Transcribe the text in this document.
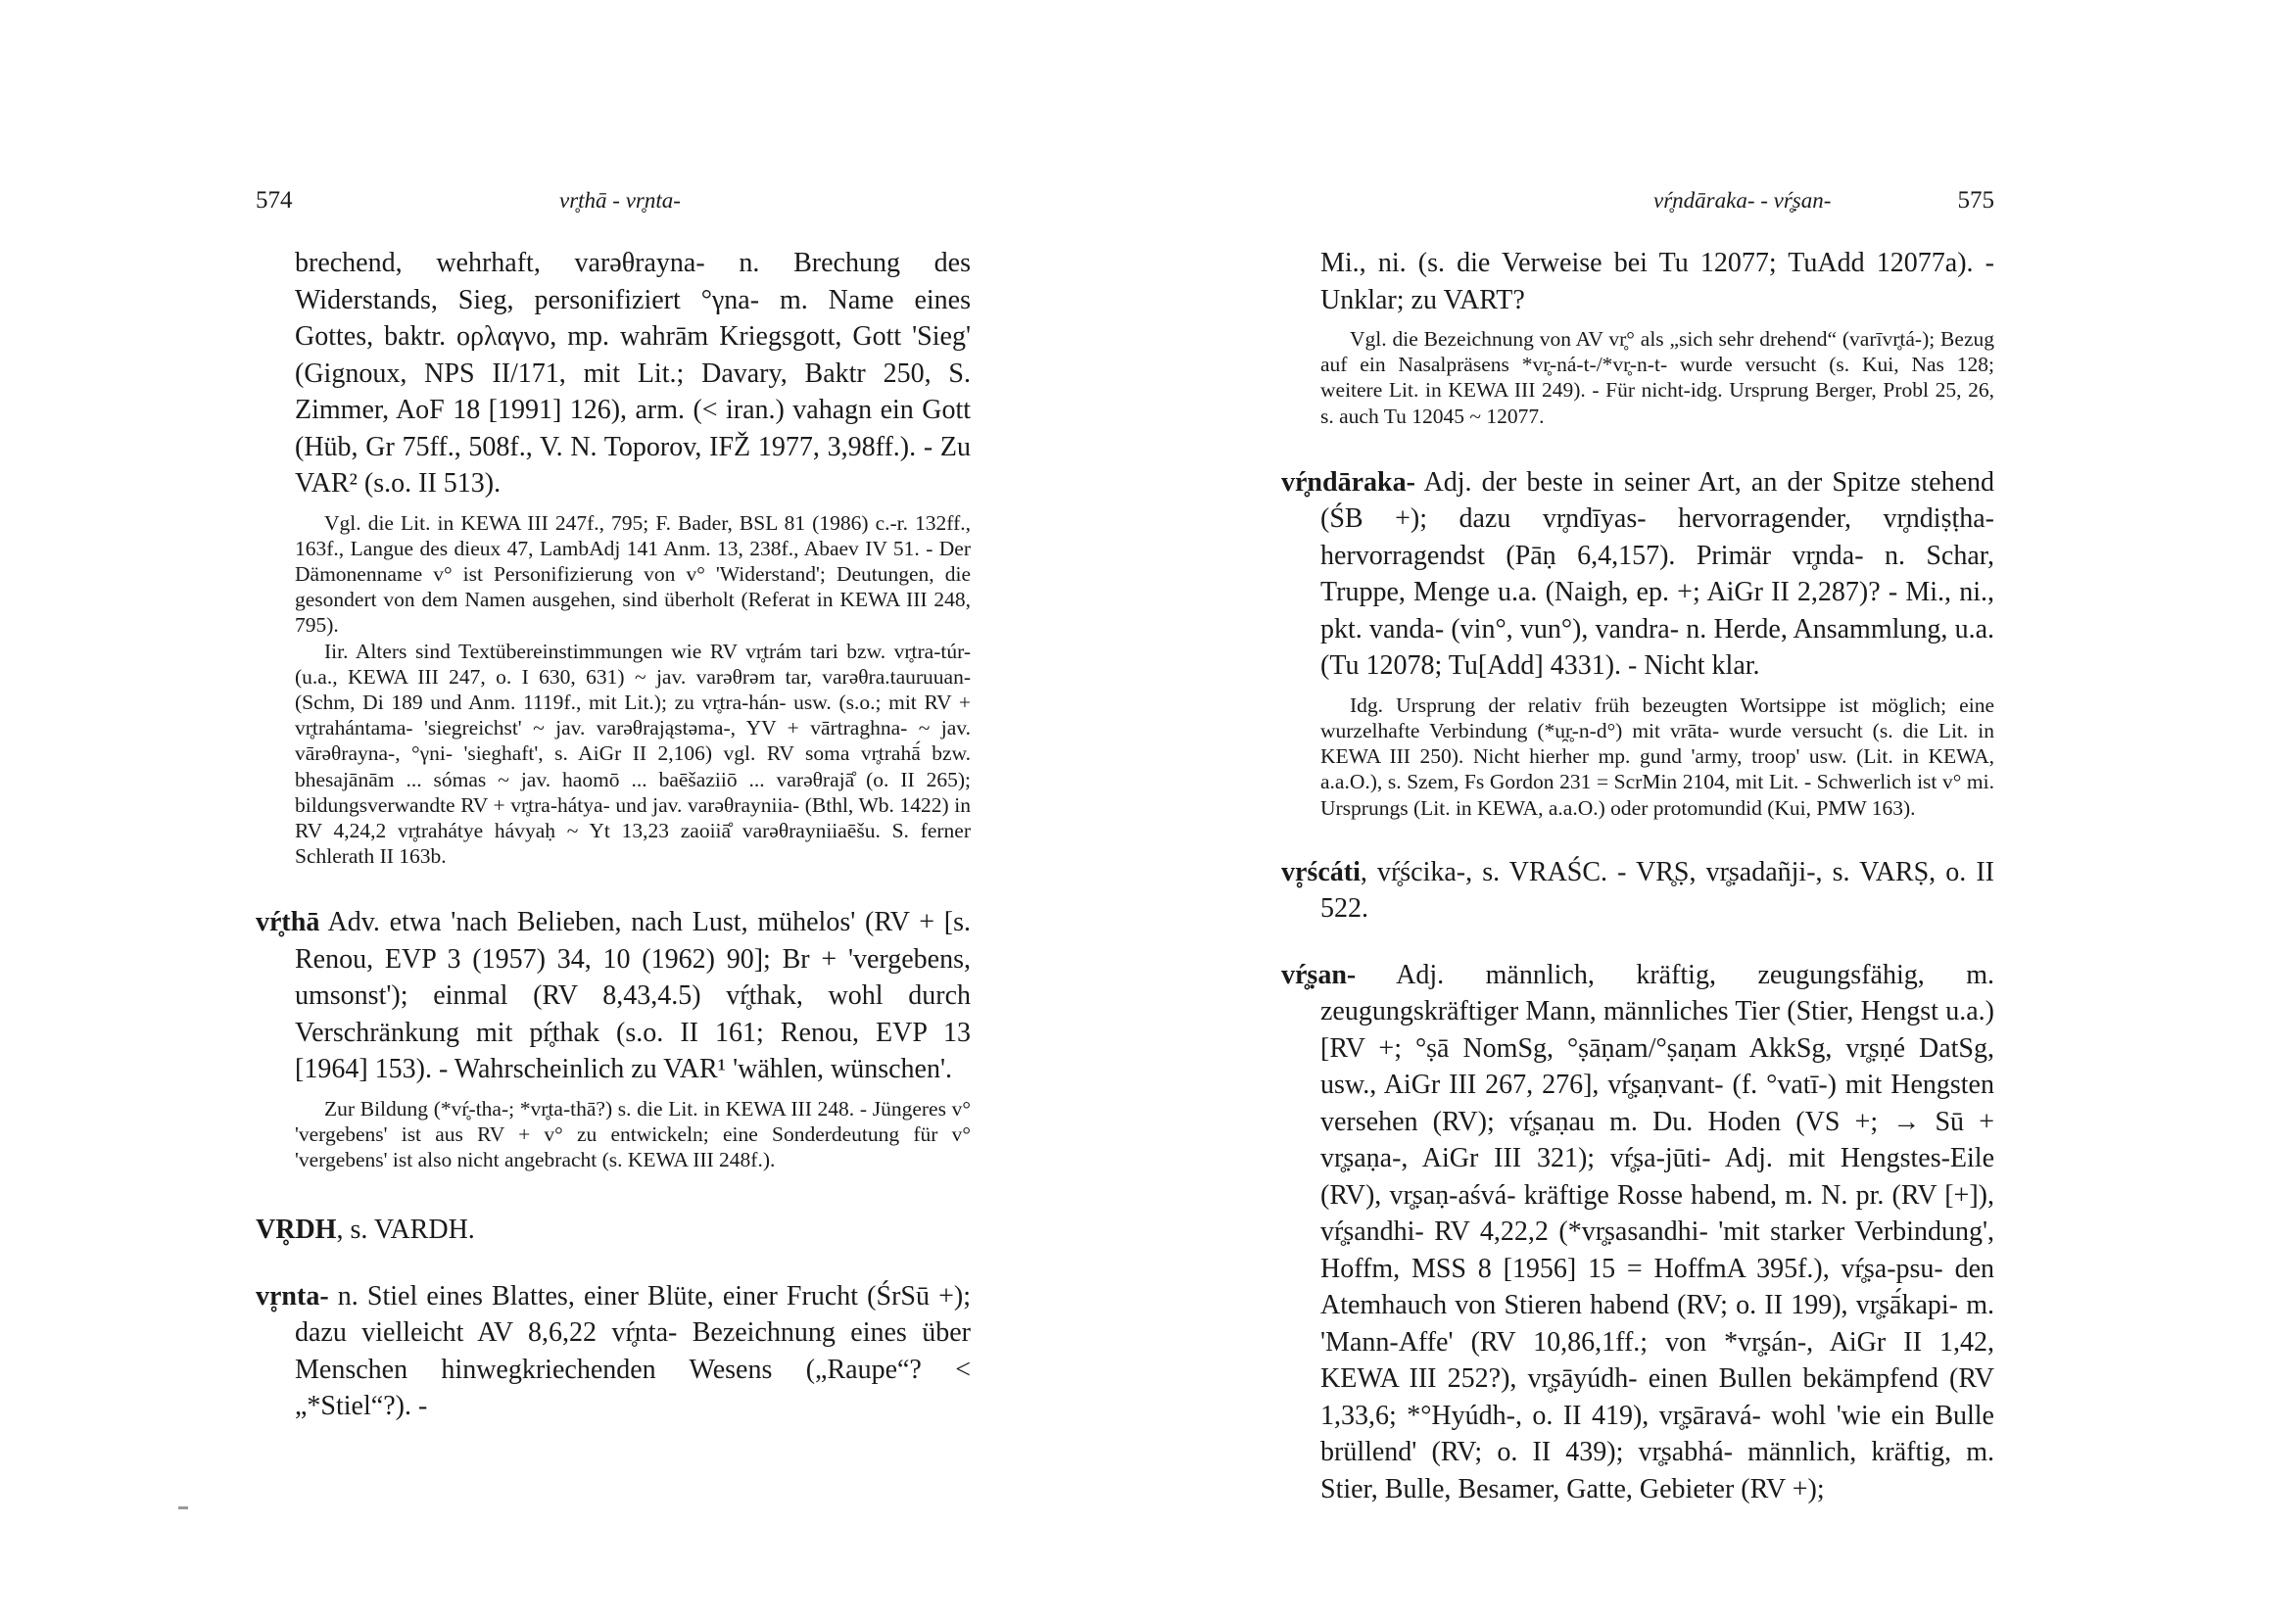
574	vr̥thā - vr̥nta-

brechend, wehrhaft, varəθrayna- n. Brechung des Widerstands, Sieg, personifiziert °γna- m. Name eines Gottes, baktr. ορλαγνο, mp. wahrām Kriegsgott, Gott 'Sieg' (Gignoux, NPS II/171, mit Lit.; Davary, Baktr 250, S. Zimmer, AoF 18 [1991] 126), arm. (< iran.) vahagn ein Gott (Hüb, Gr 75ff., 508f., V. N. Toporov, IFŽ 1977, 3,98ff.). - Zu VAR² (s.o. II 513).

Vgl. die Lit. in KEWA III 247f., 795; F. Bader, BSL 81 (1986) c.-r. 132ff., 163f., Langue des dieux 47, LambAdj 141 Anm. 13, 238f., Abaev IV 51. - Der Dämonenname v° ist Personifizierung von v° 'Widerstand'; Deutungen, die gesondert von dem Namen ausgehen, sind überholt (Referat in KEWA III 248, 795).

Iir. Alters sind Textübereinstimmungen wie RV vr̥trám tari bzw. vr̥tra-túr- (u.a., KEWA III 247, o. I 630, 631) ~ jav. varəθrəm tar, varəθra.tauruuan- (Schm, Di 189 und Anm. 1119f., mit Lit.); zu vr̥tra-hán- usw. (s.o.; mit RV + vr̥trahántama- 'siegreichst' ~ jav. varəθrająstəma-, YV + vārtraghna- ~ jav. vārəθrayna-, °γni- 'sieghaft', s. AiGr II 2,106) vgl. RV soma vr̥trahā́ bzw. bhesajānām ... sómas ~ jav. haomō ... baēšaziiō ... varəθrajā̊ (o. II 265); bildungsverwandte RV + vr̥tra-hátya- und jav. varəθrayniia- (Bthl, Wb. 1422) in RV 4,24,2 vr̥trahátye hávyaḥ ~ Yt 13,23 zaoiiā̊ varəθrayniiaēšu. S. ferner Schlerath II 163b.

vŕ̥thā Adv. etwa 'nach Belieben, nach Lust, mühelos' (RV + [s. Renou, EVP 3 (1957) 34, 10 (1962) 90]; Br + 'vergebens, umsonst'); einmal (RV 8,43,4.5) vŕ̥thak, wohl durch Verschränkung mit pŕ̥thak (s.o. II 161; Renou, EVP 13 [1964] 153). - Wahrscheinlich zu VAR¹ 'wählen, wünschen'.

Zur Bildung (*vŕ̥-tha-; *vr̥ta-thā?) s. die Lit. in KEWA III 248. - Jüngeres v° 'vergebens' ist aus RV + v° zu entwickeln; eine Sonderdeutung für v° 'vergebens' ist also nicht angebracht (s. KEWA III 248f.).

VR̥DH, s. VARDH.

vr̥nta- n. Stiel eines Blattes, einer Blüte, einer Frucht (ŚrSū +); dazu vielleicht AV 8,6,22 vŕ̥nta- Bezeichnung eines über Menschen hinwegkriechenden Wesens („Raupe“? < „*Stiel“?). -

vŕ̥ndāraka- - vŕ̥ṣan-	575

Mi., ni. (s. die Verweise bei Tu 12077; TuAdd 12077a). - Unklar; zu VART?

Vgl. die Bezeichnung von AV vr̥° als „sich sehr drehend“ (varīvr̥tá-); Bezug auf ein Nasalpräsens *vr̥-ná-t-/*vr̥-n-t- wurde versucht (s. Kui, Nas 128; weitere Lit. in KEWA III 249). - Für nicht-idg. Ursprung Berger, Probl 25, 26, s. auch Tu 12045 ~ 12077.

vŕ̥ndāraka- Adj. der beste in seiner Art, an der Spitze stehend (ŚB +); dazu vr̥ndīyas- hervorragender, vr̥ndiṣṭha- hervorragendst (Pāṇ 6,4,157). Primär vr̥nda- n. Schar, Truppe, Menge u.a. (Naigh, ep. +; AiGr II 2,287)? - Mi., ni., pkt. vanda- (vin°, vun°), vandra- n. Herde, Ansammlung, u.a. (Tu 12078; Tu[Add] 4331). - Nicht klar.

Idg. Ursprung der relativ früh bezeugten Wortsippe ist möglich; eine wurzelhafte Verbindung (*u̯r̥-n-d°) mit vrāta- wurde versucht (s. die Lit. in KEWA III 250). Nicht hierher mp. gund 'army, troop' usw. (Lit. in KEWA, a.a.O.), s. Szem, Fs Gordon 231 = ScrMin 2104, mit Lit. - Schwerlich ist v° mi. Ursprungs (Lit. in KEWA, a.a.O.) oder protomundid (Kui, PMW 163).

vr̥ścáti, vŕ̥ścika-, s. VRAŚC. - VR̥Ṣ, vr̥ṣadañji-, s. VARṢ, o. II 522.

vŕ̥ṣan- Adj. männlich, kräftig, zeugungsfähig, m. zeugungskräftiger Mann, männliches Tier (Stier, Hengst u.a.) [RV +; °ṣā NomSg, °ṣāṇam/°ṣaṇam AkkSg, vr̥ṣṇé DatSg, usw., AiGr III 267, 276], vŕ̥ṣaṇvant- (f. °vatī-) mit Hengsten versehen (RV); vŕ̥ṣaṇau m. Du. Hoden (VS +; → Sū + vr̥ṣaṇa-, AiGr III 321); vŕ̥ṣa-jūti- Adj. mit Hengstes-Eile (RV), vr̥ṣaṇ-aśvá- kräftige Rosse habend, m. N. pr. (RV [+]), vŕ̥ṣandhi- RV 4,22,2 (*vr̥ṣasandhi- 'mit starker Verbindung', Hoffm, MSS 8 [1956] 15 = HoffmA 395f.), vŕ̥ṣa-psu- den Atemhauch von Stieren habend (RV; o. II 199), vr̥ṣā́kapi- m. 'Mann-Affe' (RV 10,86,1ff.; von *vr̥ṣán-, AiGr II 1,42, KEWA III 252?), vr̥ṣāyúdh- einen Bullen bekämpfend (RV 1,33,6; *°Hyúdh-, o. II 419), vr̥ṣāravá- wohl 'wie ein Bulle brüllend' (RV; o. II 439); vr̥ṣabhá- männlich, kräftig, m. Stier, Bulle, Besamer, Gatte, Gebieter (RV +);
